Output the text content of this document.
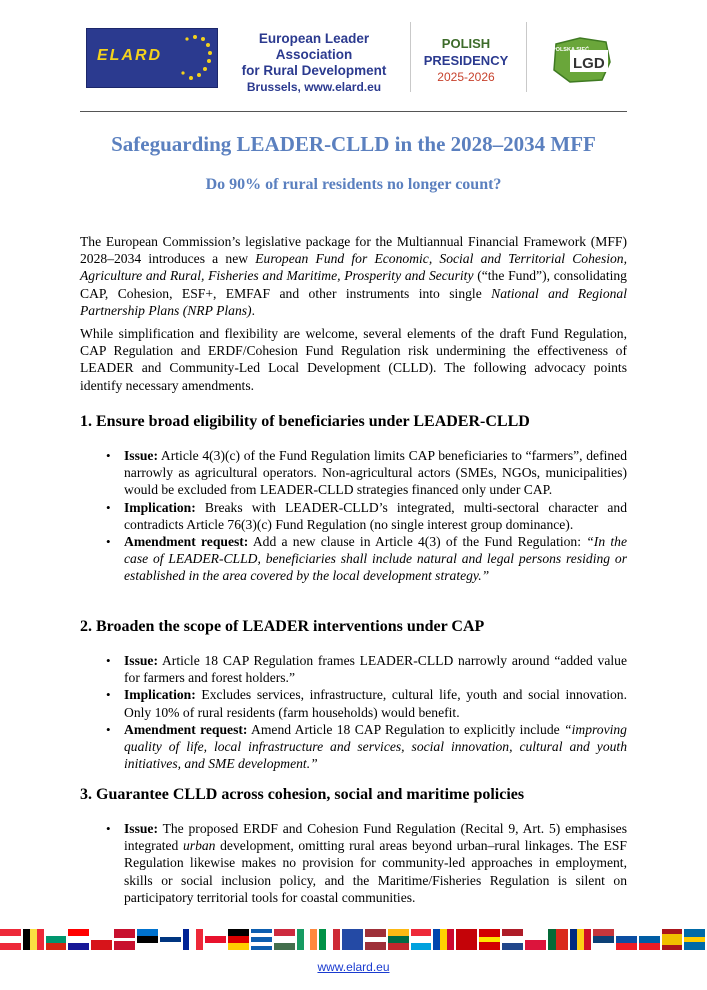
ELARD
European Leader Association
for Rural Development
Brussels, www.elard.eu
POLISH
PRESIDENCY
2025-2026
POLSKA SIEĆ
LGD
Safeguarding LEADER-CLLD in the 2028–2034 MFF
Do 90% of rural residents no longer count?
The European Commission’s legislative package for the Multiannual Financial Framework (MFF) 2028–2034 introduces a new European Fund for Economic, Social and Territorial Cohesion, Agriculture and Rural, Fisheries and Maritime, Prosperity and Security (“the Fund”), consolidating CAP, Cohesion, ESF+, EMFAF and other instruments into single National and Regional Partnership Plans (NRP Plans).
While simplification and flexibility are welcome, several elements of the draft Fund Regulation, CAP Regulation and ERDF/Cohesion Fund Regulation risk undermining the effectiveness of LEADER and Community-Led Local Development (CLLD). The following advocacy points identify necessary amendments.
1. Ensure broad eligibility of beneficiaries under LEADER-CLLD
• Issue: Article 4(3)(c) of the Fund Regulation limits CAP beneficiaries to “farmers”, defined narrowly as agricultural operators. Non-agricultural actors (SMEs, NGOs, municipalities) would be excluded from LEADER-CLLD strategies financed only under CAP.
• Implication: Breaks with LEADER-CLLD’s integrated, multi-sectoral character and contradicts Article 76(3)(c) Fund Regulation (no single interest group dominance).
• Amendment request: Add a new clause in Article 4(3) of the Fund Regulation: “In the case of LEADER-CLLD, beneficiaries shall include natural and legal persons residing or established in the area covered by the local development strategy.”
2. Broaden the scope of LEADER interventions under CAP
• Issue: Article 18 CAP Regulation frames LEADER-CLLD narrowly around “added value for farmers and forest holders.”
• Implication: Excludes services, infrastructure, cultural life, youth and social innovation. Only 10% of rural residents (farm households) would benefit.
• Amendment request: Amend Article 18 CAP Regulation to explicitly include “improving quality of life, local infrastructure and services, social innovation, cultural and youth initiatives, and SME development.”
3. Guarantee CLLD across cohesion, social and maritime policies
• Issue: The proposed ERDF and Cohesion Fund Regulation (Recital 9, Art. 5) emphasises integrated urban development, omitting rural areas beyond urban–rural linkages. The ESF Regulation likewise makes no provision for community-led approaches in employment, skills or social inclusion policy, and the Maritime/Fisheries Regulation is silent on participatory territorial tools for coastal communities.
www.elard.eu
